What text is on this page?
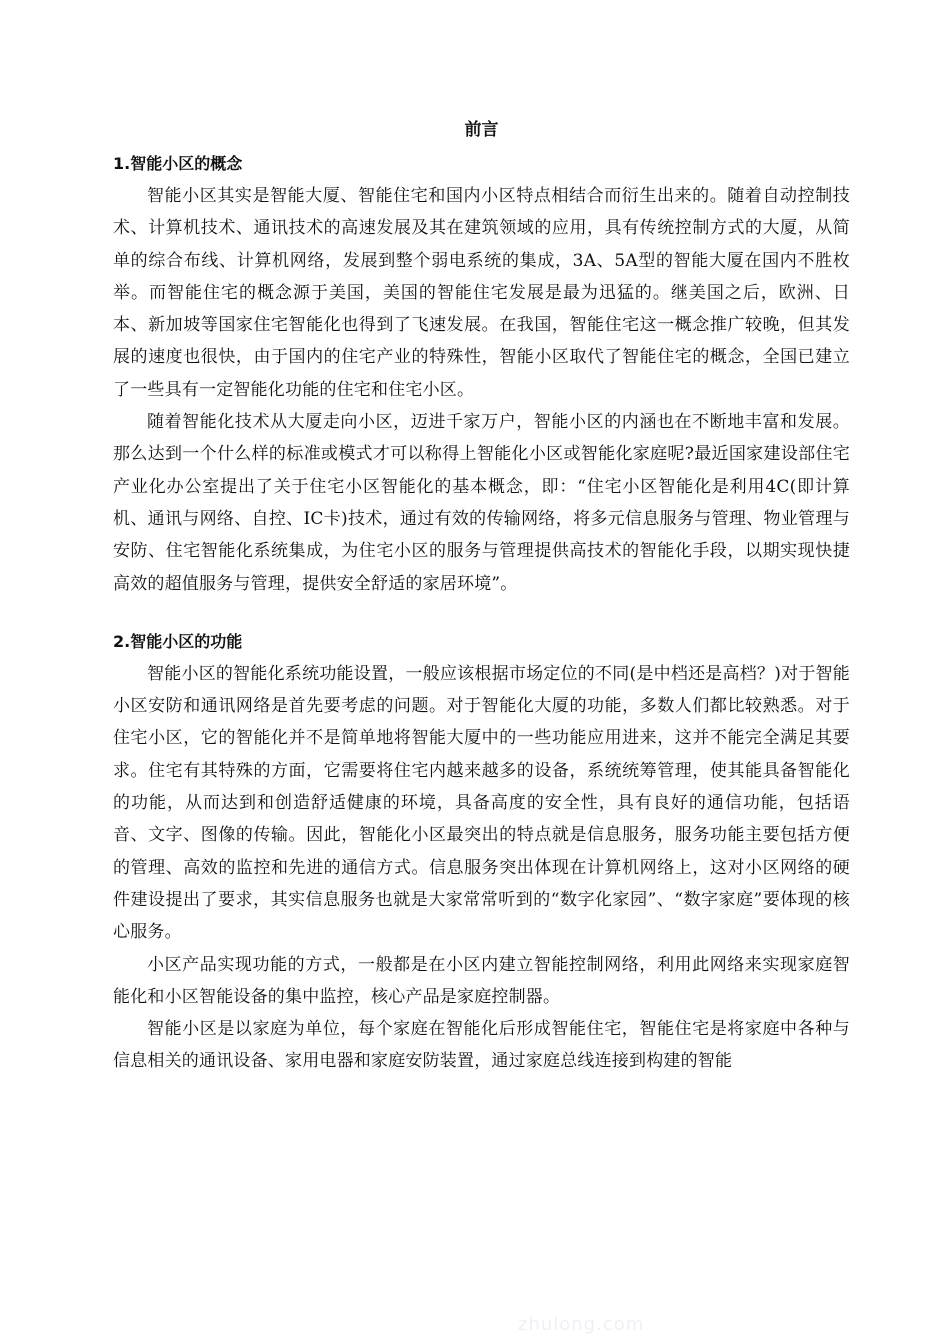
前言
1.智能小区的概念

智能小区其实是智能大厦、智能住宅和国内小区特点相结合而衍生出来的。随着自动控制技术、计算机技术、通讯技术的高速发展及其在建筑领域的应用，具有传统控制方式的大厦，从简单的综合布线、计算机网络，发展到整个弱电系统的集成，3A、5A型的智能大厦在国内不胜枚举。而智能住宅的概念源于美国，美国的智能住宅发展是最为迅猛的。继美国之后，欧洲、日本、新加坡等国家住宅智能化也得到了飞速发展。在我国，智能住宅这一概念推广较晚，但其发展的速度也很快，由于国内的住宅产业的特殊性，智能小区取代了智能住宅的概念，全国已建立了一些具有一定智能化功能的住宅和住宅小区。

随着智能化技术从大厦走向小区，迈进千家万户，智能小区的内涵也在不断地丰富和发展。那么达到一个什么样的标准或模式才可以称得上智能化小区或智能化家庭呢?最近国家建设部住宅产业化办公室提出了关于住宅小区智能化的基本概念，即：“住宅小区智能化是利用4C(即计算机、通讯与网络、自控、IC卡)技术，通过有效的传输网络，将多元信息服务与管理、物业管理与安防、住宅智能化系统集成，为住宅小区的服务与管理提供高技术的智能化手段，以期实现快捷高效的超值服务与管理，提供安全舒适的家居环境”。

2.智能小区的功能

智能小区的智能化系统功能设置，一般应该根据市场定位的不同(是中档还是高档？)对于智能小区安防和通讯网络是首先要考虑的问题。对于智能化大厦的功能，多数人们都比较熟悉。对于住宅小区，它的智能化并不是简单地将智能大厦中的一些功能应用进来，这并不能完全满足其要求。住宅有其特殊的方面，它需要将住宅内越来越多的设备，系统统筹管理，使其能具备智能化的功能，从而达到和创造舒适健康的环境，具备高度的安全性，具有良好的通信功能，包括语音、文字、图像的传输。因此，智能化小区最突出的特点就是信息服务，服务功能主要包括方便的管理、高效的监控和先进的通信方式。信息服务突出体现在计算机网络上，这对小区网络的硬件建设提出了要求，其实信息服务也就是大家常常听到的“数字化家园”、“数字家庭”要体现的核心服务。

小区产品实现功能的方式，一般都是在小区内建立智能控制网络，利用此网络来实现家庭智能化和小区智能设备的集中监控，核心产品是家庭控制器。

智能小区是以家庭为单位，每个家庭在智能化后形成智能住宅，智能住宅是将家庭中各种与信息相关的通讯设备、家用电器和家庭安防装置，通过家庭总线连接到构建的智能

zhulong.com
